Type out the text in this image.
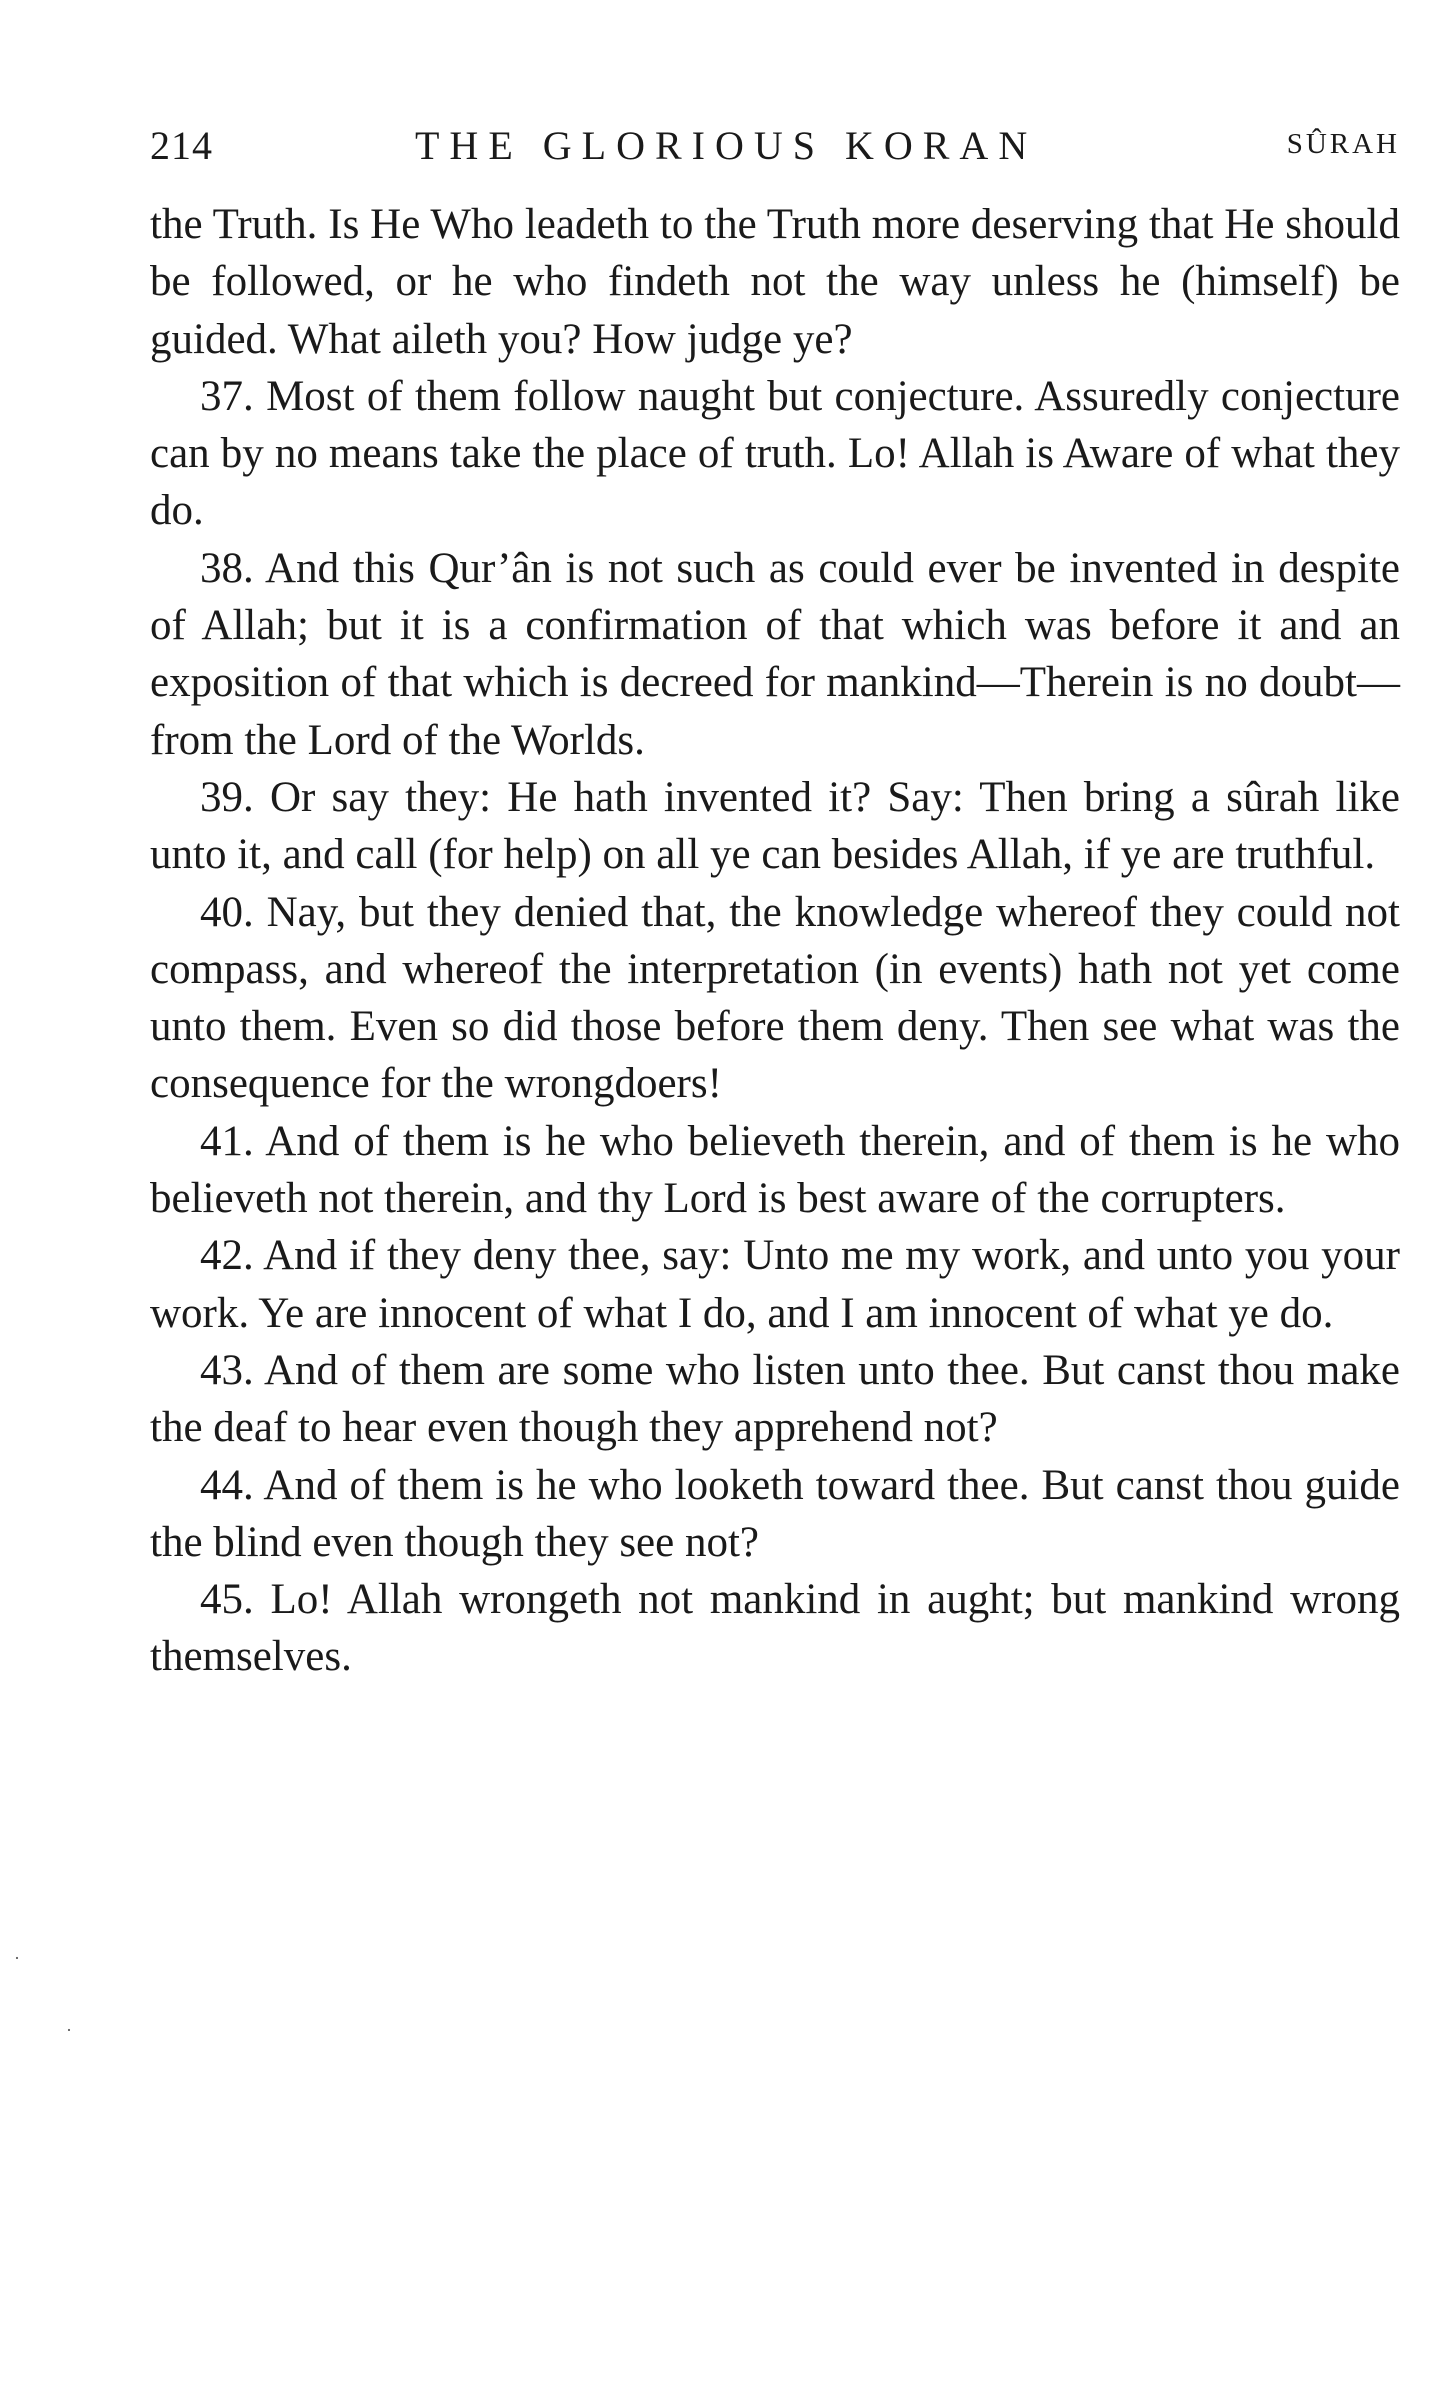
214	THE GLORIOUS KORAN	SÛRAH

the Truth. Is He Who leadeth to the Truth more deserving that He should be followed, or he who findeth not the way unless he (himself) be guided. What aileth you? How judge ye?

37. Most of them follow naught but conjecture. Assuredly conjecture can by no means take the place of truth. Lo! Allah is Aware of what they do.

38. And this Qur’ân is not such as could ever be invented in despite of Allah; but it is a confirmation of that which was before it and an exposition of that which is decreed for mankind—Therein is no doubt—from the Lord of the Worlds.

39. Or say they: He hath invented it? Say: Then bring a sûrah like unto it, and call (for help) on all ye can besides Allah, if ye are truthful.

40. Nay, but they denied that, the knowledge whereof they could not compass, and whereof the interpretation (in events) hath not yet come unto them. Even so did those before them deny. Then see what was the consequence for the wrongdoers!

41. And of them is he who believeth therein, and of them is he who believeth not therein, and thy Lord is best aware of the corrupters.

42. And if they deny thee, say: Unto me my work, and unto you your work. Ye are innocent of what I do, and I am innocent of what ye do.

43. And of them are some who listen unto thee. But canst thou make the deaf to hear even though they apprehend not?

44. And of them is he who looketh toward thee. But canst thou guide the blind even though they see not?

45. Lo! Allah wrongeth not mankind in aught; but mankind wrong themselves.

·
·
